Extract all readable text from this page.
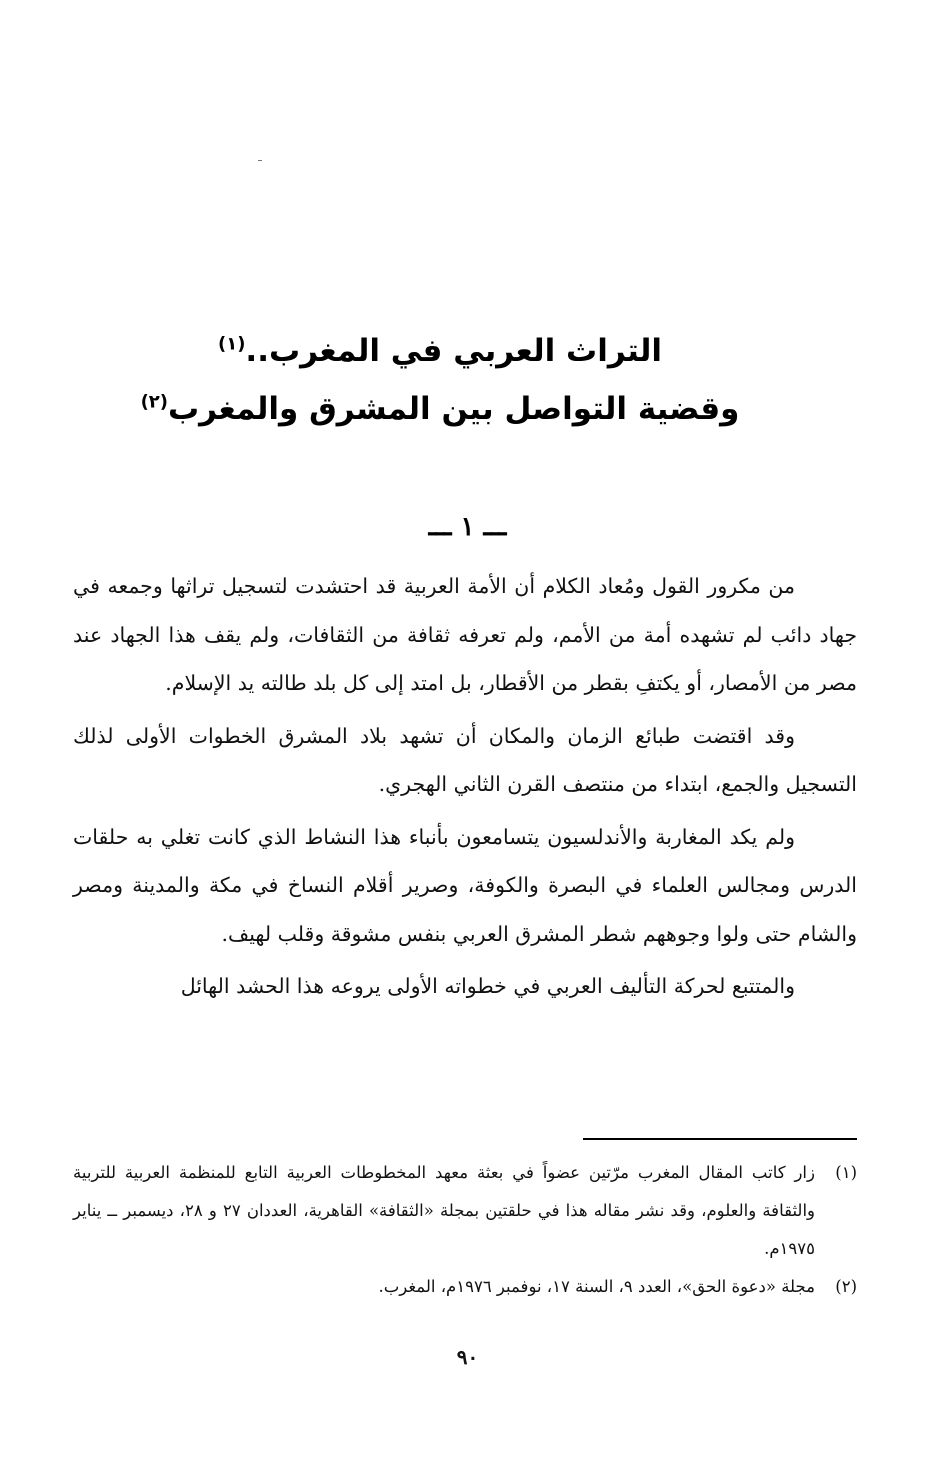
التراث العربي في المغرب..$^{(١)}$
وقضية التواصل بين المشرق والمغرب$^{(٢)}$
ـــ ١ ـــ

من مكرور القول ومُعاد الكلام أن الأمة العربية قد احتشدت لتسجيل تراثها وجمعه في جهاد دائب لم تشهده أمة من الأمم، ولم تعرفه ثقافة من الثقافات، ولم يقف هذا الجهاد عند مصر من الأمصار، أو يكتفِ بقطر من الأقطار، بل امتد إلى كل بلد طالته يد الإسلام.

وقد اقتضت طبائع الزمان والمكان أن تشهد بلاد المشرق الخطوات الأولى لذلك التسجيل والجمع، ابتداء من منتصف القرن الثاني الهجري.

ولم يكد المغاربة والأندلسيون يتسامعون بأنباء هذا النشاط الذي كانت تغلي به حلقات الدرس ومجالس العلماء في البصرة والكوفة، وصرير أقلام النساخ في مكة والمدينة ومصر والشام حتى ولوا وجوههم شطر المشرق العربي بنفس مشوقة وقلب لهيف.

والمتتبع لحركة التأليف العربي في خطواته الأولى يروعه هذا الحشد الهائل

(١)
زار كاتب المقال المغرب مرّتين عضواً في بعثة معهد المخطوطات العربية التابع للمنظمة العربية للتربية والثقافة والعلوم، وقد نشر مقاله هذا في حلقتين بمجلة «الثقافة» القاهرية، العددان ٢٧ و ٢٨، ديسمبر ــ يناير ١٩٧٥م.
(٢)
مجلة «دعوة الحق»، العدد ٩، السنة ١٧، نوفمبر ١٩٧٦م، المغرب.
٩٠
